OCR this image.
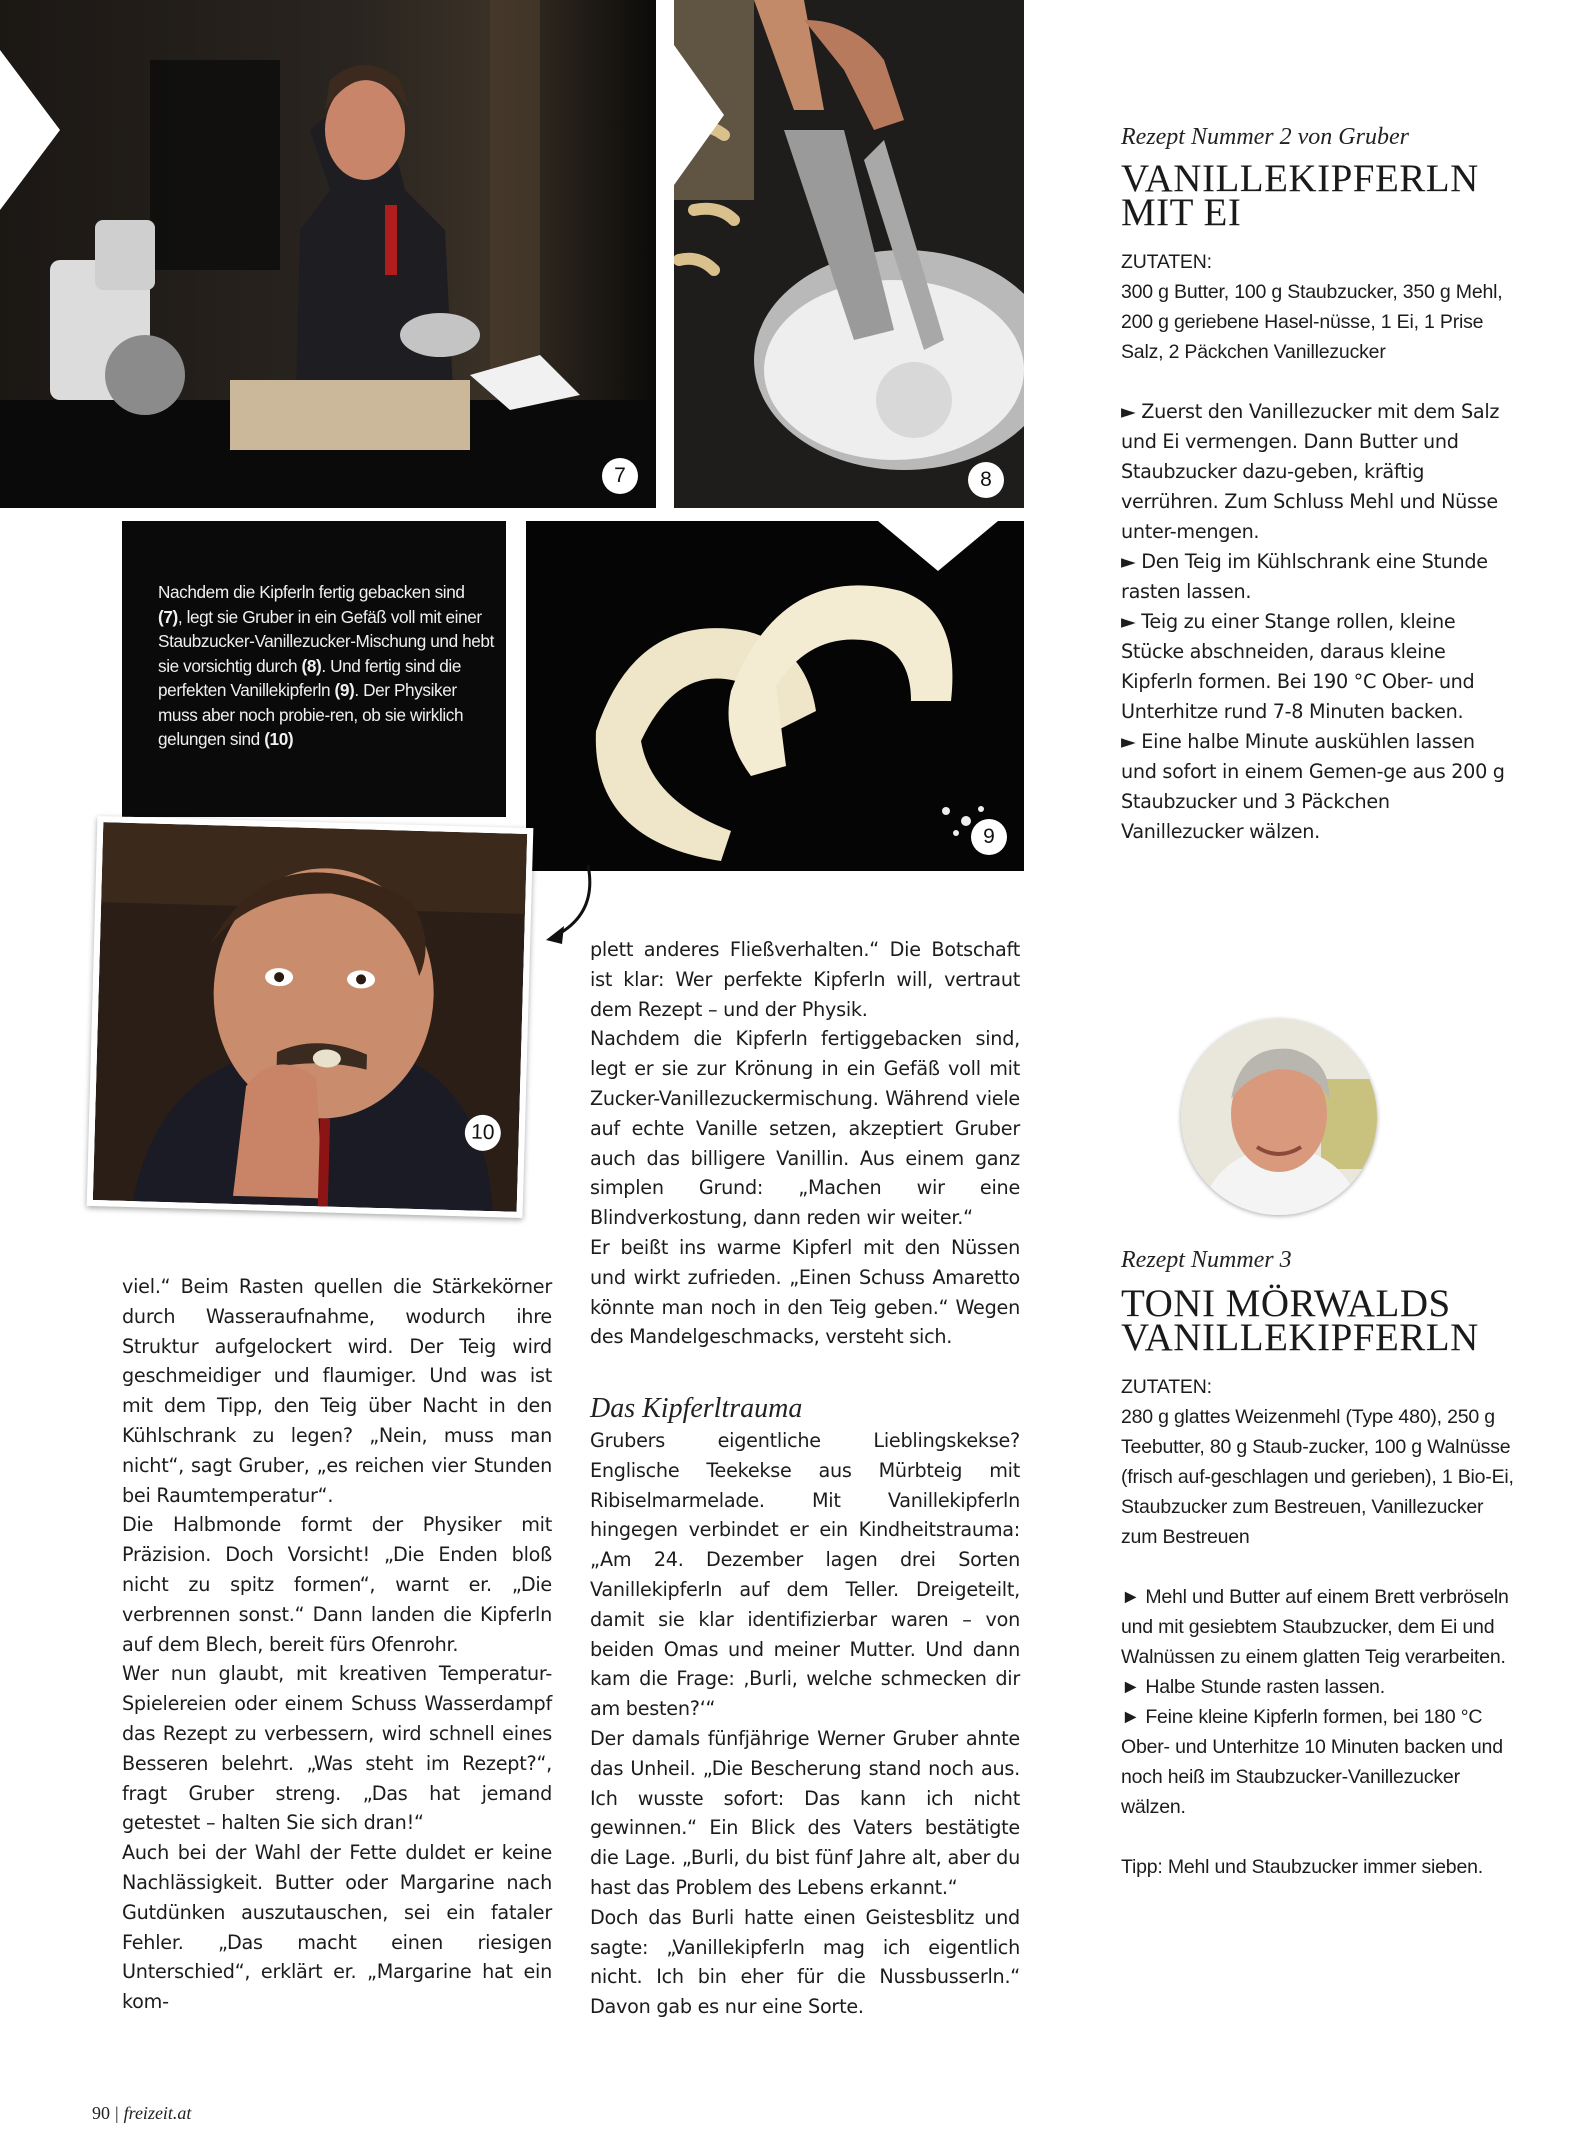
7	8
Nachdem die Kipferln fertig gebacken sind
(7), legt sie Gruber in ein Gefäß voll mit einer Staubzucker-Vanillezucker-Mischung und hebt sie vorsichtig durch (8). Und fertig sind die perfekten Vanillekipferln (9). Der Physiker muss aber noch probie-ren, ob sie wirklich gelungen sind (10)
9
10

viel.“ Beim Rasten quellen die Stärkekörner durch Wasseraufnahme, wodurch ihre Struktur aufgelockert wird. Der Teig wird geschmeidiger und flaumiger. Und was ist mit dem Tipp, den Teig über Nacht in den Kühlschrank zu legen? „Nein, muss man nicht“, sagt Gruber, „es reichen vier Stunden bei Raumtemperatur“.

Die Halbmonde formt der Physiker mit Präzision. Doch Vorsicht! „Die Enden bloß nicht zu spitz formen“, warnt er. „Die verbrennen sonst.“ Dann landen die Kipferln auf dem Blech, bereit fürs Ofenrohr.

Wer nun glaubt, mit kreativen Temperatur-Spielereien oder einem Schuss Wasserdampf das Rezept zu verbessern, wird schnell eines Besseren belehrt. „Was steht im Rezept?“, fragt Gruber streng. „Das hat jemand getestet – halten Sie sich dran!“

Auch bei der Wahl der Fette duldet er keine Nachlässigkeit. Butter oder Margarine nach Gutdünken auszutauschen, sei ein fataler Fehler. „Das macht einen riesigen Unterschied“, erklärt er. „Margarine hat ein kom-

plett anderes Fließverhalten.“ Die Botschaft ist klar: Wer perfekte Kipferln will, vertraut dem Rezept – und der Physik.

Nachdem die Kipferln fertiggebacken sind, legt er sie zur Krönung in ein Gefäß voll mit Zucker-Vanillezuckermischung. Während viele auf echte Vanille setzen, akzeptiert Gruber auch das billigere Vanillin. Aus einem ganz simplen Grund: „Machen wir eine Blindverkostung, dann reden wir weiter.“

Er beißt ins warme Kipferl mit den Nüssen und wirkt zufrieden. „Einen Schuss Amaretto könnte man noch in den Teig geben.“ Wegen des Mandelgeschmacks, versteht sich.

Das Kipferltrauma

Grubers eigentliche Lieblingskekse? Englische Teekekse aus Mürbteig mit Ribiselmarmelade. Mit Vanillekipferln hingegen verbindet er ein Kindheitstrauma: „Am 24. Dezember lagen drei Sorten Vanillekipferln auf dem Teller. Dreigeteilt, damit sie klar identifizierbar waren – von beiden Omas und meiner Mutter. Und dann kam die Frage: ‚Burli, welche schmecken dir am besten?‘“

Der damals fünfjährige Werner Gruber ahnte das Unheil. „Die Bescherung stand noch aus. Ich wusste sofort: Das kann ich nicht gewinnen.“ Ein Blick des Vaters bestätigte die Lage. „Burli, du bist fünf Jahre alt, aber du hast das Problem des Lebens erkannt.“

Doch das Burli hatte einen Geistesblitz und sagte: „Vanillekipferln mag ich eigentlich nicht. Ich bin eher für die Nussbusserln.“ Davon gab es nur eine Sorte.

Rezept Nummer 2 von Gruber
VANILLEKIPFERLN
MIT EI

ZUTATEN:

300 g Butter, 100 g Staubzucker, 350 g Mehl, 200 g geriebene Hasel-nüsse, 1 Ei, 1 Prise Salz, 2 Päckchen Vanillezucker

► Zuerst den Vanillezucker mit dem Salz und Ei vermengen. Dann Butter und Staubzucker dazu-geben, kräftig verrühren. Zum Schluss Mehl und Nüsse unter-mengen.

► Den Teig im Kühlschrank eine Stunde rasten lassen.

► Teig zu einer Stange rollen, kleine Stücke abschneiden, daraus kleine Kipferln formen. Bei 190 °C Ober- und Unterhitze rund 7-8 Minuten backen.

► Eine halbe Minute auskühlen lassen und sofort in einem Gemen-ge aus 200 g Staubzucker und 3 Päckchen Vanillezucker wälzen.

Rezept Nummer 3
TONI MÖRWALDS
VANILLEKIPFERLN

ZUTATEN:

280 g glattes Weizenmehl (Type 480), 250 g Teebutter, 80 g Staub-zucker, 100 g Walnüsse (frisch auf-geschlagen und gerieben), 1 Bio-Ei, Staubzucker zum Bestreuen, Vanillezucker zum Bestreuen

► Mehl und Butter auf einem Brett verbröseln und mit gesiebtem Staubzucker, dem Ei und Walnüssen zu einem glatten Teig verarbeiten.

► Halbe Stunde rasten lassen.

► Feine kleine Kipferln formen, bei 180 °C Ober- und Unterhitze 10 Minuten backen und noch heiß im Staubzucker-Vanillezucker wälzen.

Tipp: Mehl und Staubzucker immer sieben.

90 | freizeit.at
